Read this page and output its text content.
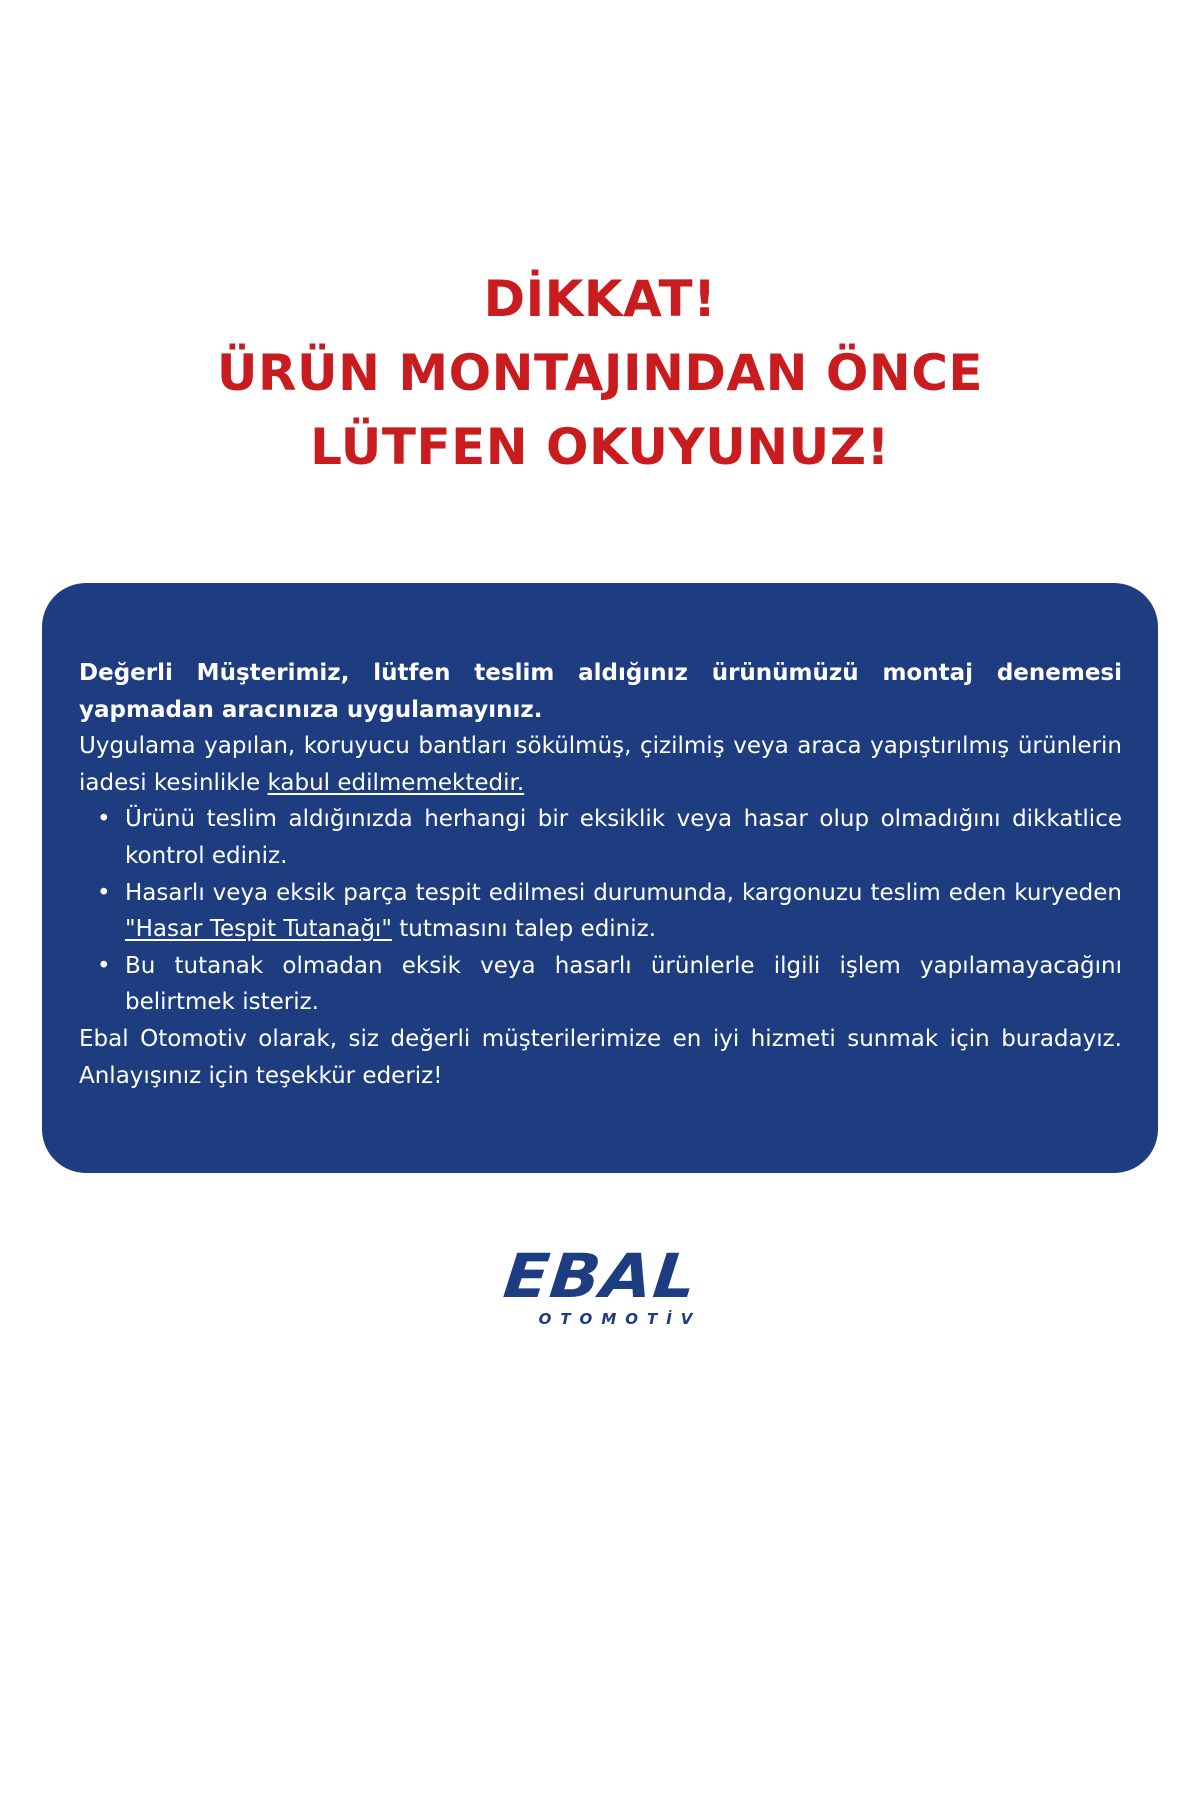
DİKKAT!
ÜRÜN MONTAJINDAN ÖNCE
LÜTFEN OKUYUNUZ!

Değerli Müşterimiz, lütfen teslim aldığınız ürünümüzü montaj denemesi yapmadan aracınıza uygulamayınız.

Uygulama yapılan, koruyucu bantları sökülmüş, çizilmiş veya araca yapıştırılmış ürünlerin iadesi kesinlikle kabul edilmemektedir.

• Ürünü teslim aldığınızda herhangi bir eksiklik veya hasar olup olmadığını dikkatlice kontrol ediniz.
• Hasarlı veya eksik parça tespit edilmesi durumunda, kargonuzu teslim eden kuryeden "Hasar Tespit Tutanağı" tutmasını talep ediniz.
• Bu tutanak olmadan eksik veya hasarlı ürünlerle ilgili işlem yapılamayacağını belirtmek isteriz.

Ebal Otomotiv olarak, siz değerli müşterilerimize en iyi hizmeti sunmak için buradayız. Anlayışınız için teşekkür ederiz!

EBAL
OTOMOTİV
